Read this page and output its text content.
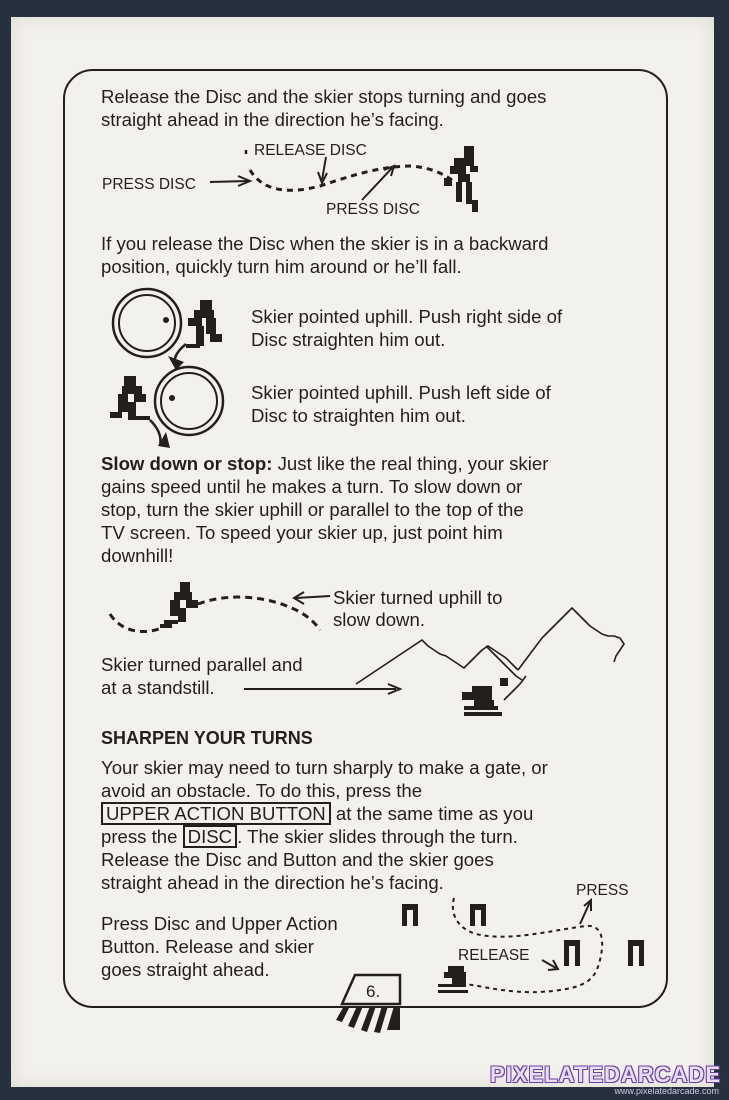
Release the Disc and the skier stops turning and goes
straight ahead in the direction he’s facing.
RELEASE DISC
PRESS DISC
PRESS DISC
If you release the Disc when the skier is in a backward
position, quickly turn him around or he’ll fall.
Skier pointed uphill. Push right side of
Disc straighten him out.
Skier pointed uphill. Push left side of
Disc to straighten him out.
Slow down or stop: Just like the real thing, your skier
gains speed until he makes a turn. To slow down or
stop, turn the skier uphill or parallel to the top of the
TV screen. To speed your skier up, just point him
downhill!
Skier turned uphill to
slow down.
Skier turned parallel and
at a standstill.
SHARPEN YOUR TURNS
Your skier may need to turn sharply to make a gate, or
avoid an obstacle. To do this, press the
UPPER ACTION BUTTON at the same time as you
press the DISC . The skier slides through the turn.
Release the Disc and Button and the skier goes
straight ahead in the direction he’s facing.
Press Disc and Upper Action
Button. Release and skier
goes straight ahead.
PRESS
RELEASE
6.
PIXELATEDARCADE
www.pixelatedarcade.com
